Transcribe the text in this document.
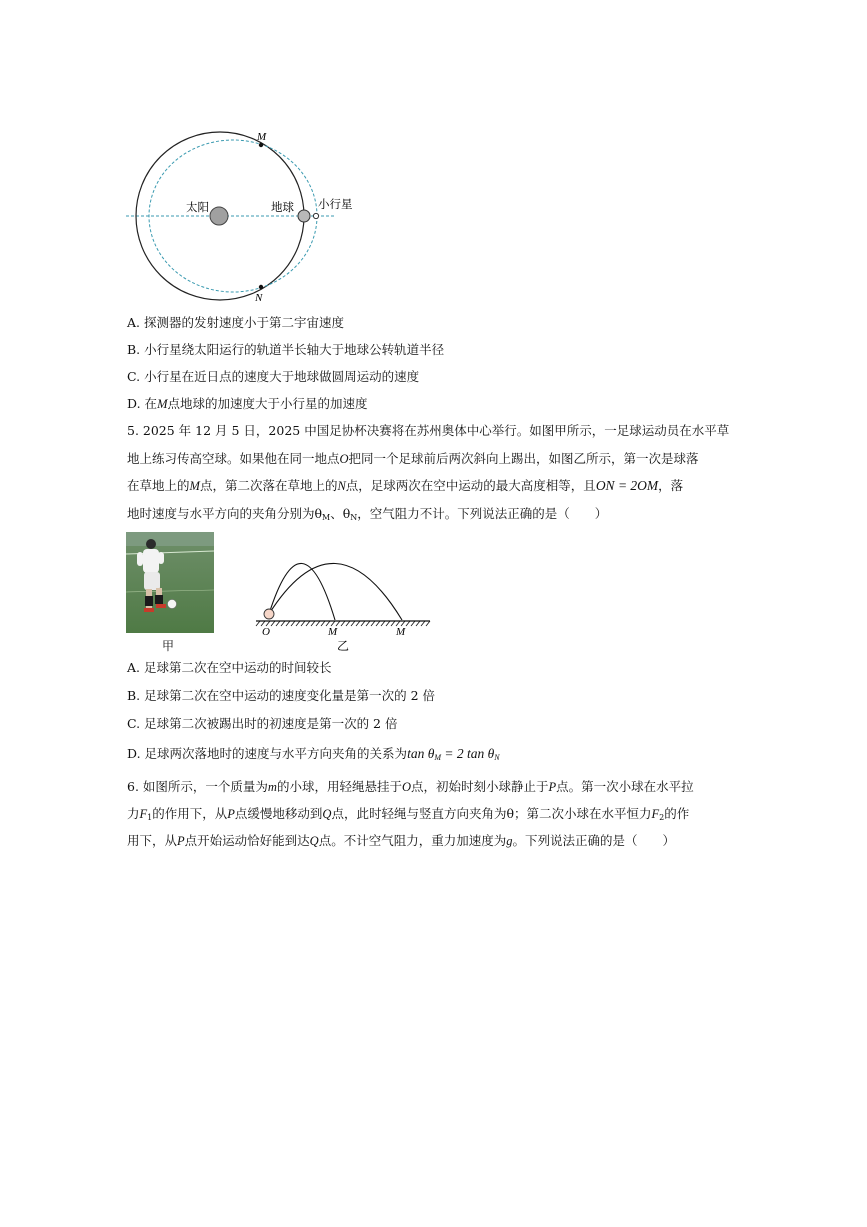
M
N
太阳	地球 小行星
A. 探测器的发射速度小于第二宇宙速度
B. 小行星绕太阳运行的轨道半长轴大于地球公转轨道半径
C. 小行星在近日点的速度大于地球做圆周运动的速度
D. 在M点地球的加速度大于小行星的加速度
5. 2025 年 12 月 5 日，2025 中国足协杯决赛将在苏州奥体中心举行。如图甲所示，一足球运动员在水平草
地上练习传高空球。如果他在同一地点O把同一个足球前后两次斜向上踢出，如图乙所示，第一次是球落
在草地上的M点，第二次落在草地上的N点，足球两次在空中运动的最大高度相等，且ON = 2OM，落
地时速度与水平方向的夹角分别为$\theta_M$、$\theta_N$，空气阻力不计。下列说法正确的是（　　）
甲
O	M	M
乙
A. 足球第二次在空中运动的时间较长
B. 足球第二次在空中运动的速度变化量是第一次的 2 倍
C. 足球第二次被踢出时的初速度是第一次的 2 倍
D. 足球两次落地时的速度与水平方向夹角的关系为tan θM = 2 tan θN
6. 如图所示，一个质量为m的小球，用轻绳悬挂于O点，初始时刻小球静止于P点。第一次小球在水平拉
力$F_1$的作用下，从P点缓慢地移动到Q点，此时轻绳与竖直方向夹角为θ；第二次小球在水平恒力$F_2$的作
用下，从P点开始运动恰好能到达Q点。不计空气阻力，重力加速度为g。下列说法正确的是（　　）
